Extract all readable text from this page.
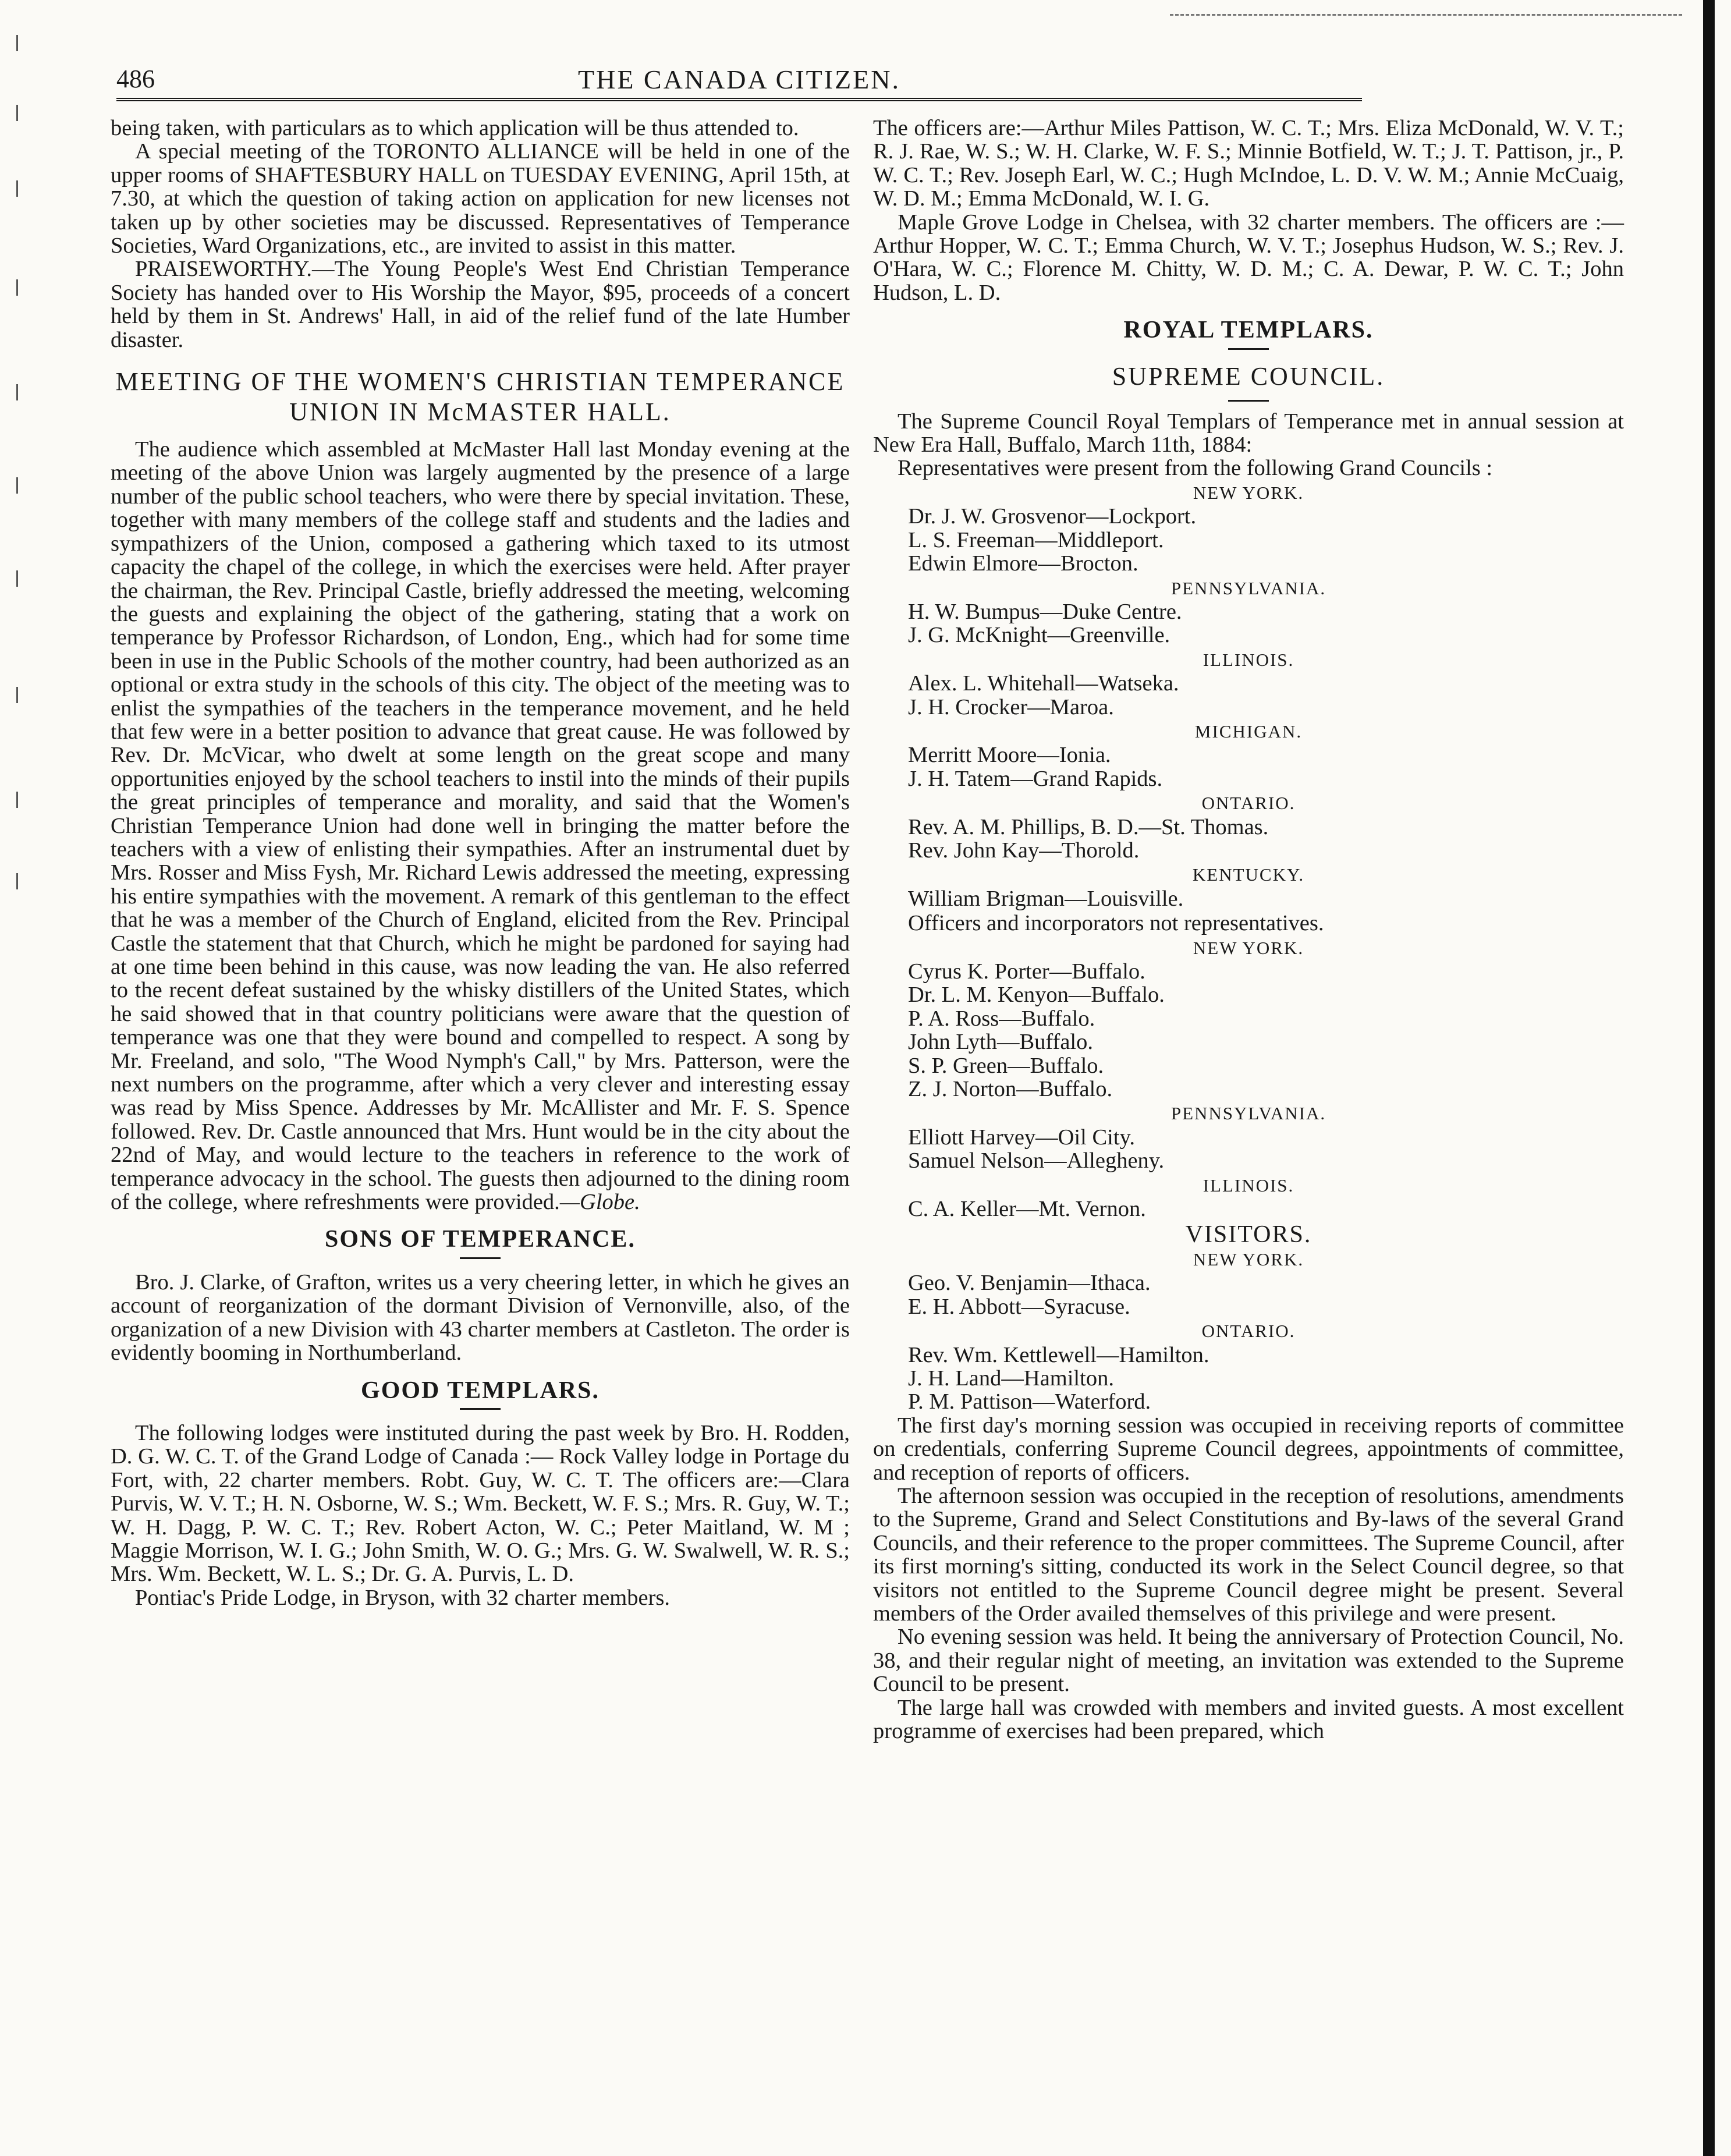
486	THE CANADA CITIZEN.

being taken, with particulars as to which application will be thus attended to.

A special meeting of the TORONTO ALLIANCE will be held in one of the upper rooms of SHAFTESBURY HALL on TUESDAY EVENING, April 15th, at 7.30, at which the question of taking action on application for new licenses not taken up by other societies may be discussed. Representatives of Temperance Societies, Ward Organizations, etc., are invited to assist in this matter.

PRAISEWORTHY.—The Young People's West End Christian Temperance Society has handed over to His Worship the Mayor, $95, proceeds of a concert held by them in St. Andrews' Hall, in aid of the relief fund of the late Humber disaster.

MEETING OF THE WOMEN'S CHRISTIAN TEMPERANCE UNION IN McMASTER HALL.

The audience which assembled at McMaster Hall last Monday evening at the meeting of the above Union was largely augmented by the presence of a large number of the public school teachers, who were there by special invitation. These, together with many members of the college staff and students and the ladies and sympathizers of the Union, composed a gathering which taxed to its utmost capacity the chapel of the college, in which the exercises were held. After prayer the chairman, the Rev. Principal Castle, briefly addressed the meeting, welcoming the guests and explaining the object of the gathering, stating that a work on temperance by Professor Richardson, of London, Eng., which had for some time been in use in the Public Schools of the mother country, had been authorized as an optional or extra study in the schools of this city. The object of the meeting was to enlist the sympathies of the teachers in the temperance movement, and he held that few were in a better position to advance that great cause. He was followed by Rev. Dr. McVicar, who dwelt at some length on the great scope and many opportunities enjoyed by the school teachers to instil into the minds of their pupils the great principles of temperance and morality, and said that the Women's Christian Temperance Union had done well in bringing the matter before the teachers with a view of enlisting their sympathies. After an instrumental duet by Mrs. Rosser and Miss Fysh, Mr. Richard Lewis addressed the meeting, expressing his entire sympathies with the movement. A remark of this gentleman to the effect that he was a member of the Church of England, elicited from the Rev. Principal Castle the statement that that Church, which he might be pardoned for saying had at one time been behind in this cause, was now leading the van. He also referred to the recent defeat sustained by the whisky distillers of the United States, which he said showed that in that country politicians were aware that the question of temperance was one that they were bound and compelled to respect. A song by Mr. Freeland, and solo, "The Wood Nymph's Call," by Mrs. Patterson, were the next numbers on the programme, after which a very clever and interesting essay was read by Miss Spence. Addresses by Mr. McAllister and Mr. F. S. Spence followed. Rev. Dr. Castle announced that Mrs. Hunt would be in the city about the 22nd of May, and would lecture to the teachers in reference to the work of temperance advocacy in the school. The guests then adjourned to the dining room of the college, where refreshments were provided.—Globe.

SONS OF TEMPERANCE.

Bro. J. Clarke, of Grafton, writes us a very cheering letter, in which he gives an account of reorganization of the dormant Division of Vernonville, also, of the organization of a new Division with 43 charter members at Castleton. The order is evidently booming in Northumberland.

GOOD TEMPLARS.

The following lodges were instituted during the past week by Bro. H. Rodden, D. G. W. C. T. of the Grand Lodge of Canada :— Rock Valley lodge in Portage du Fort, with, 22 charter members. Robt. Guy, W. C. T. The officers are:—Clara Purvis, W. V. T.; H. N. Osborne, W. S.; Wm. Beckett, W. F. S.; Mrs. R. Guy, W. T.; W. H. Dagg, P. W. C. T.; Rev. Robert Acton, W. C.; Peter Maitland, W. M ; Maggie Morrison, W. I. G.; John Smith, W. O. G.; Mrs. G. W. Swalwell, W. R. S.; Mrs. Wm. Beckett, W. L. S.; Dr. G. A. Purvis, L. D.

Pontiac's Pride Lodge, in Bryson, with 32 charter members.

The officers are:—Arthur Miles Pattison, W. C. T.; Mrs. Eliza McDonald, W. V. T.; R. J. Rae, W. S.; W. H. Clarke, W. F. S.; Minnie Botfield, W. T.; J. T. Pattison, jr., P. W. C. T.; Rev. Joseph Earl, W. C.; Hugh McIndoe, L. D. V. W. M.; Annie McCuaig, W. D. M.; Emma McDonald, W. I. G.

Maple Grove Lodge in Chelsea, with 32 charter members. The officers are :—Arthur Hopper, W. C. T.; Emma Church, W. V. T.; Josephus Hudson, W. S.; Rev. J. O'Hara, W. C.; Florence M. Chitty, W. D. M.; C. A. Dewar, P. W. C. T.; John Hudson, L. D.

ROYAL TEMPLARS.
SUPREME COUNCIL.

The Supreme Council Royal Templars of Temperance met in annual session at New Era Hall, Buffalo, March 11th, 1884:

Representatives were present from the following Grand Councils :

NEW YORK.

Dr. J. W. Grosvenor—Lockport.

L. S. Freeman—Middleport.

Edwin Elmore—Brocton.

PENNSYLVANIA.

H. W. Bumpus—Duke Centre.

J. G. McKnight—Greenville.

ILLINOIS.

Alex. L. Whitehall—Watseka.

J. H. Crocker—Maroa.

MICHIGAN.

Merritt Moore—Ionia.

J. H. Tatem—Grand Rapids.

ONTARIO.

Rev. A. M. Phillips, B. D.—St. Thomas.

Rev. John Kay—Thorold.

KENTUCKY.

William Brigman—Louisville.

Officers and incorporators not representatives.

NEW YORK.

Cyrus K. Porter—Buffalo.

Dr. L. M. Kenyon—Buffalo.

P. A. Ross—Buffalo.

John Lyth—Buffalo.

S. P. Green—Buffalo.

Z. J. Norton—Buffalo.

PENNSYLVANIA.

Elliott Harvey—Oil City.

Samuel Nelson—Allegheny.

ILLINOIS.

C. A. Keller—Mt. Vernon.

VISITORS.
NEW YORK.

Geo. V. Benjamin—Ithaca.

E. H. Abbott—Syracuse.

ONTARIO.

Rev. Wm. Kettlewell—Hamilton.

J. H. Land—Hamilton.

P. M. Pattison—Waterford.

The first day's morning session was occupied in receiving reports of committee on credentials, conferring Supreme Council degrees, appointments of committee, and reception of reports of officers.

The afternoon session was occupied in the reception of resolutions, amendments to the Supreme, Grand and Select Constitutions and By-laws of the several Grand Councils, and their reference to the proper committees. The Supreme Council, after its first morning's sitting, conducted its work in the Select Council degree, so that visitors not entitled to the Supreme Council degree might be present. Several members of the Order availed themselves of this privilege and were present.

No evening session was held. It being the anniversary of Protection Council, No. 38, and their regular night of meeting, an invitation was extended to the Supreme Council to be present.

The large hall was crowded with members and invited guests. A most excellent programme of exercises had been prepared, which
